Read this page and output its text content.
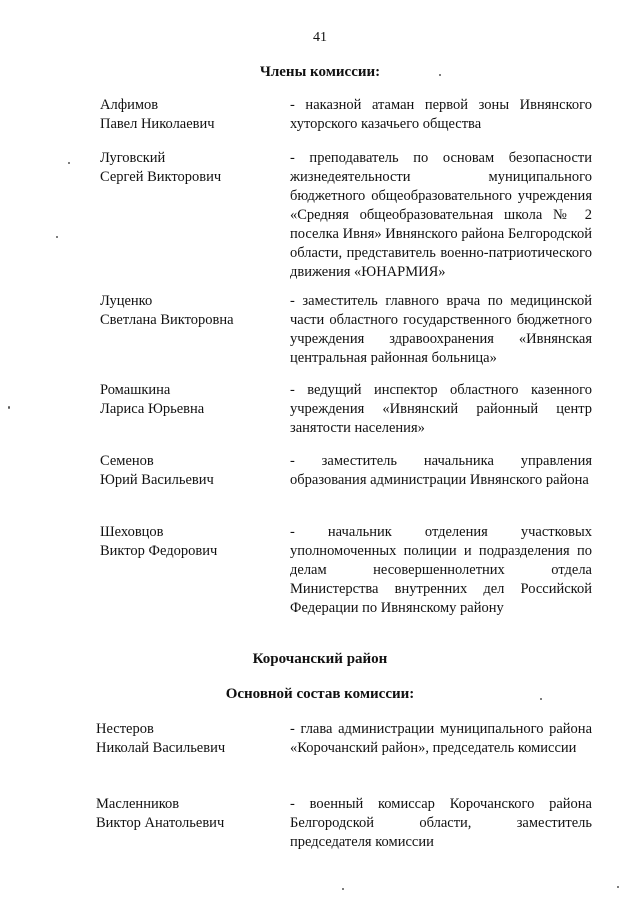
41
Члены комиссии:
Алфимов
Павел Николаевич
- наказной атаман первой зоны Ивнянского хуторского казачьего общества
Луговский
Сергей Викторович
- преподаватель по основам безопасности жизнедеятельности муниципального бюджетного общеобразовательного учреждения «Средняя общеобразовательная школа № 2 поселка Ивня» Ивнянского района Белгородской области, представитель военно-патриотического движения «ЮНАРМИЯ»
Луценко
Светлана Викторовна
- заместитель главного врача по медицинской части областного государственного бюджетного учреждения здравоохранения «Ивнянская центральная районная больница»
Ромашкина
Лариса Юрьевна
- ведущий инспектор областного казенного учреждения «Ивнянский районный центр занятости населения»
Семенов
Юрий Васильевич
- заместитель начальника управления образования администрации Ивнянского района
Шеховцов
Виктор Федорович
- начальник отделения участковых уполномоченных полиции и подразделения по делам несовершеннолетних отдела Министерства внутренних дел Российской Федерации по Ивнянскому району
Корочанский район
Основной состав комиссии:
Нестеров
Николай Васильевич
- глава администрации муниципального района «Корочанский район», председатель комиссии
Масленников
Виктор Анатольевич
- военный комиссар Корочанского района Белгородской области, заместитель председателя комиссии
